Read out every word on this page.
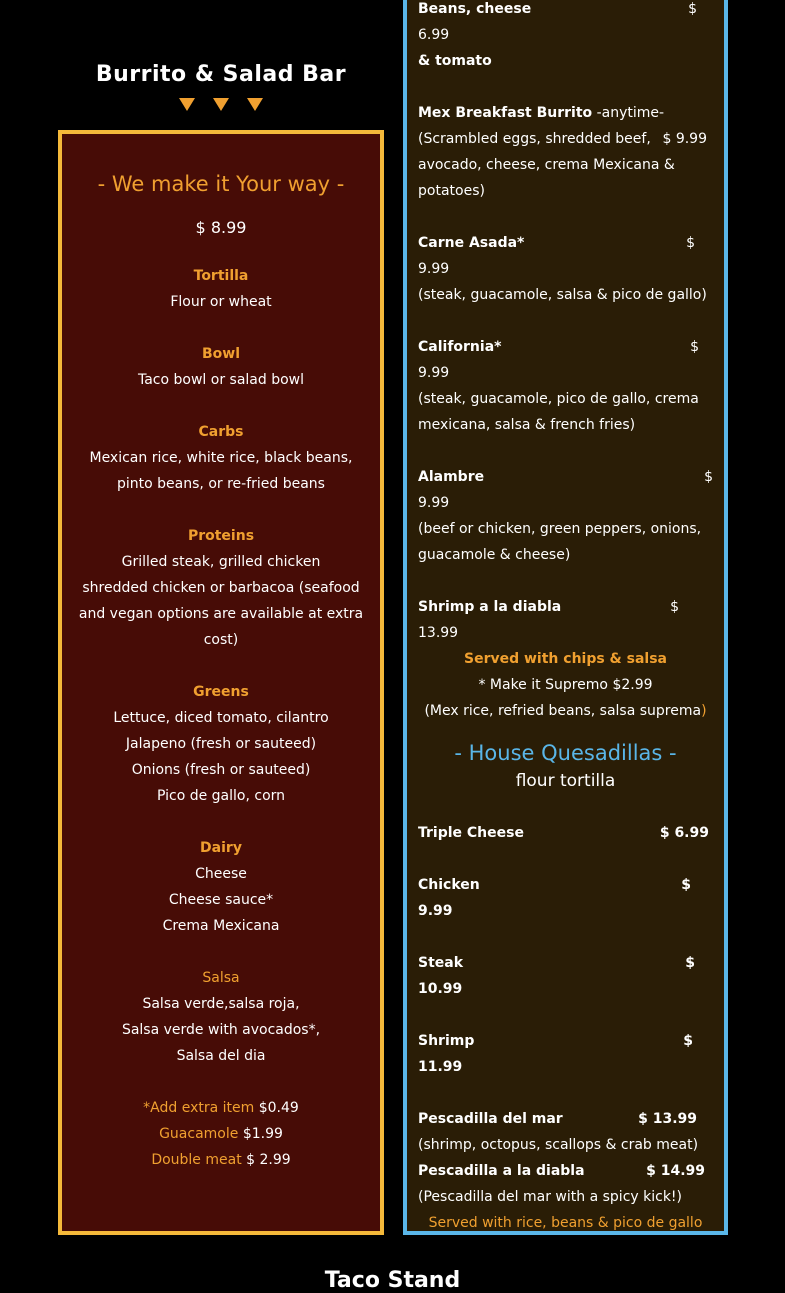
Burrito & Salad Bar
- We make it Your way -
$ 8.99
Tortilla
Flour or wheat
Bowl
Taco bowl or salad bowl
Carbs
Mexican rice, white rice, black beans,
pinto beans, or re-fried beans
Proteins
Grilled steak, grilled chicken
shredded chicken or barbacoa (seafood
and vegan options are available at extra
cost)
Greens
Lettuce, diced tomato, cilantro
Jalapeno (fresh or sauteed)
Onions (fresh or sauteed)
Pico de gallo, corn
Dairy
Cheese
Cheese sauce*
Crema Mexicana
Salsa
Salsa verde,salsa roja,
Salsa verde with avocados*,
Salsa del dia
*Add extra item $0.49
Guacamole $1.99
Double meat $ 2.99
Beans, cheese	$
6.99
& tomato
Mex Breakfast Burrito -anytime-
$ 9.99
(Scrambled eggs, shredded beef, avocado, cheese, crema Mexicana & potatoes)
Carne Asada*	$
9.99
(steak, guacamole, salsa & pico de gallo)
California*	$
9.99
(steak, guacamole, pico de gallo, crema mexicana, salsa & french fries)
Alambre	$
9.99
(beef or chicken, green peppers, onions, guacamole & cheese)
Shrimp a la diabla	$
13.99
Served with chips & salsa
* Make it Supremo $2.99
(Mex rice, refried beans, salsa suprema)
- House Quesadillas -
flour tortilla
Triple Cheese	$ 6.99
Chicken	$
9.99
Steak	$
10.99
Shrimp	$
11.99
Pescadilla del mar	$ 13.99
(shrimp, octopus, scallops & crab meat)
Pescadilla a la diabla	$ 14.99
(Pescadilla del mar with a spicy kick!)
Served with rice, beans & pico de gallo
Taco Stand
